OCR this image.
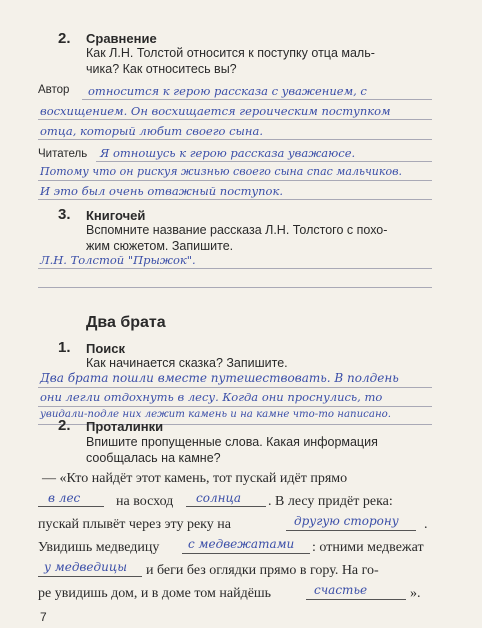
2. Сравнение
Как Л.Н. Толстой относится к поступку отца маль-
чика? Как относитесь вы?
Автор относится к герою рассказа с уважением, с
восхищением. Он восхищается героическим поступком
отца, который любит своего сына.
Читатель Я отношусь к герою рассказа уважаюсе.
Потому что он рискуя жизнью своего сына спас мальчиков.
И это был очень отважный поступок.
3. Книгочей
Вспомните название рассказа Л.Н. Толстого с похо-
жим сюжетом. Запишите.
Л.Н. Толстой "Прыжок".
Два брата
1. Поиск
Как начинается сказка? Запишите.
Два брата пошли вместе путешествовать. В полдень
они легли отдохнуть в лесу. Когда они проснулись, то
увидали-подле них лежит камень и на камне что-то написано.
2. Проталинки
Впишите пропущенные слова. Какая информация
сообщалась на камне?
— «Кто найдёт этот камень, тот пускай идёт прямо
в лес	на восход солнца . В лесу придёт река:
пускай плывёт через эту реку на	другую сторону .
Увидишь медведицу с медвежатами : отними медвежат
у медведицы и беги без оглядки прямо в гору. На го-
ре увидишь дом, и в доме том найдёшь	счастье	».
7
